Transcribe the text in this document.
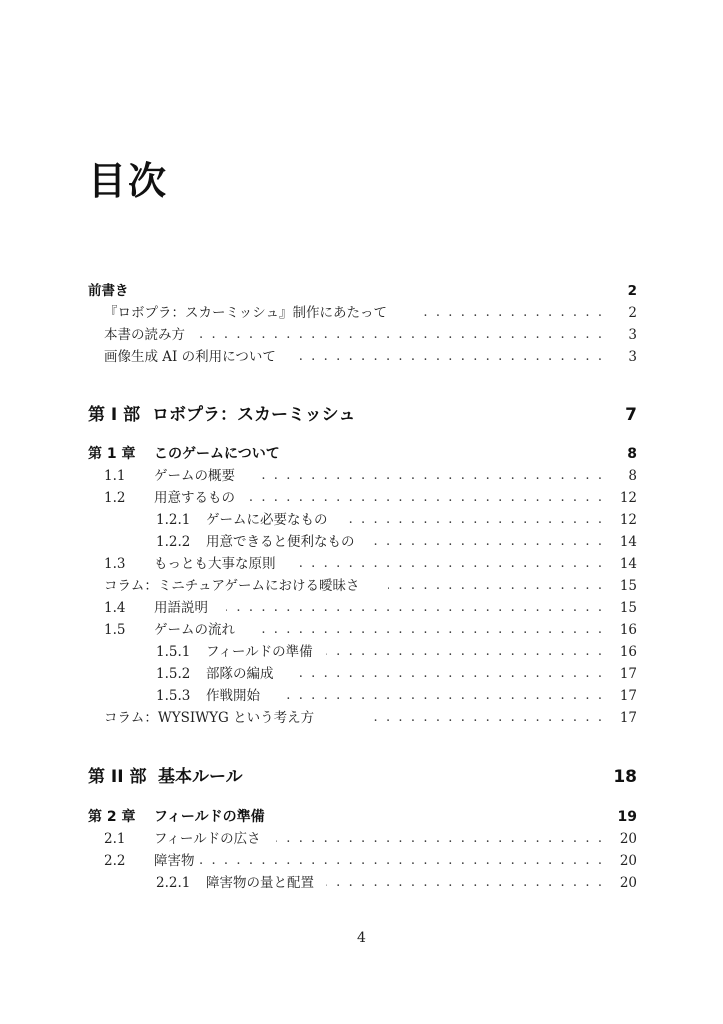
目次
前書き	2
『ロボプラ：スカーミッシュ』制作にあたって . . .	2
本書の読み方 . . .	3
画像生成 AI の利用について . . .	3
第 I 部 ロボプラ：スカーミッシュ	7
第 1 章 このゲームについて	8
1.1 ゲームの概要 . . .	8
1.2 用意するもの . . .	12
1.2.1 ゲームに必要なもの . . .	12
1.2.2 用意できると便利なもの . . .	14
1.3 もっとも大事な原則 . . .	14
コラム：ミニチュアゲームにおける曖昧さ . . .	15
1.4 用語説明 . . .	15
1.5 ゲームの流れ . . .	16
1.5.1 フィールドの準備 . . .	16
1.5.2 部隊の編成 . . .	17
1.5.3 作戦開始 . . .	17
コラム：WYSIWYG という考え方 . . .	17
第 II 部 基本ルール	18
第 2 章 フィールドの準備	19
2.1 フィールドの広さ . . .	20
2.2 障害物 . . .	20
2.2.1 障害物の量と配置 . . .	20
4
